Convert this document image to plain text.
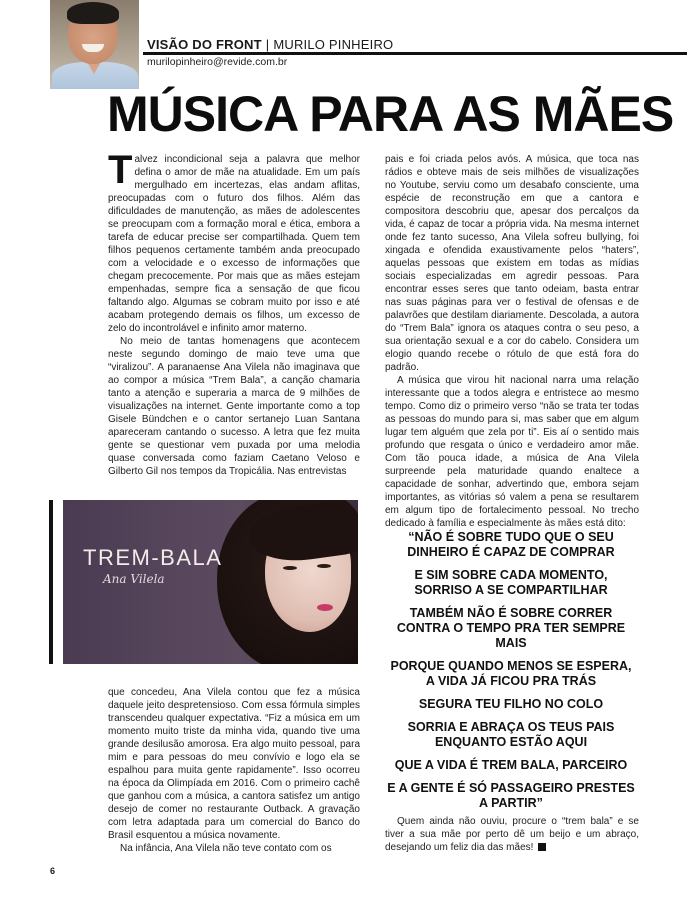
VISÃO DO FRONT | MURILO PINHEIRO
murilopinheiro@revide.com.br
MÚSICA PARA AS MÃES

Talvez incondicional seja a palavra que melhor defina o amor de mãe na atualidade. Em um país mergulhado em incertezas, elas andam aflitas, preocupadas com o futuro dos filhos. Além das dificuldades de manutenção, as mães de adolescentes se preocupam com a formação moral e ética, embora a tarefa de educar precise ser compartilhada. Quem tem filhos pequenos certamente também anda preocupado com a velocidade e o excesso de informações que chegam precocemente. Por mais que as mães estejam empenhadas, sempre fica a sensação de que ficou faltando algo. Algumas se cobram muito por isso e até acabam protegendo demais os filhos, um excesso de zelo do incontrolável e infinito amor materno.

No meio de tantas homenagens que acontecem neste segundo domingo de maio teve uma que “viralizou”. A paranaense Ana Vilela não imaginava que ao compor a música “Trem Bala”, a canção chamaria tanto a atenção e superaria a marca de 9 milhões de visualizações na internet. Gente importante como a top Gisele Bündchen e o cantor sertanejo Luan Santana apareceram cantando o sucesso. A letra que fez muita gente se questionar vem puxada por uma melodia quase conversada como faziam Caetano Veloso e Gilberto Gil nos tempos da Tropicália. Nas entrevistas

TREM-BALA
Ana Vilela

que concedeu, Ana Vilela contou que fez a música daquele jeito despretensioso. Com essa fórmula simples transcendeu qualquer expectativa. “Fiz a música em um momento muito triste da minha vida, quando tive uma grande desilusão amorosa. Era algo muito pessoal, para mim e para pessoas do meu convívio e logo ela se espalhou para muita gente rapidamente”. Isso ocorreu na época da Olimpíada em 2016. Com o primeiro cachê que ganhou com a música, a cantora satisfez um antigo desejo de comer no restaurante Outback. A gravação com letra adaptada para um comercial do Banco do Brasil esquentou a música novamente.

Na infância, Ana Vilela não teve contato com os

pais e foi criada pelos avós. A música, que toca nas rádios e obteve mais de seis milhões de visualizações no Youtube, serviu como um desabafo consciente, uma espécie de reconstrução em que a cantora e compositora descobriu que, apesar dos percalços da vida, é capaz de tocar a própria vida. Na mesma internet onde fez tanto sucesso, Ana Vilela sofreu bullying, foi xingada e ofendida exaustivamente pelos “haters”, aquelas pessoas que existem em todas as mídias sociais especializadas em agredir pessoas. Para encontrar esses seres que tanto odeiam, basta entrar nas suas páginas para ver o festival de ofensas e de palavrões que destilam diariamente. Descolada, a autora do “Trem Bala” ignora os ataques contra o seu peso, a sua orientação sexual e a cor do cabelo. Considera um elogio quando recebe o rótulo de que está fora do padrão.

A música que virou hit nacional narra uma relação interessante que a todos alegra e entristece ao mesmo tempo. Como diz o primeiro verso “não se trata ter todas as pessoas do mundo para si, mas saber que em algum lugar tem alguém que zela por ti”. Eis aí o sentido mais profundo que resgata o único e verdadeiro amor mãe. Com tão pouca idade, a música de Ana Vilela surpreende pela maturidade quando enaltece a capacidade de sonhar, advertindo que, embora sejam importantes, as vitórias só valem a pena se resultarem em algum tipo de fortalecimento pessoal. No trecho dedicado à família e especialmente às mães está dito:

“NÃO É SOBRE TUDO QUE O SEU DINHEIRO É CAPAZ DE COMPRAR
E SIM SOBRE CADA MOMENTO, SORRISO A SE COMPARTILHAR
TAMBÉM NÃO É SOBRE CORRER CONTRA O TEMPO PRA TER SEMPRE MAIS
PORQUE QUANDO MENOS SE ESPERA, A VIDA JÁ FICOU PRA TRÁS
SEGURA TEU FILHO NO COLO
SORRIA E ABRAÇA OS TEUS PAIS ENQUANTO ESTÃO AQUI
QUE A VIDA É TREM BALA, PARCEIRO
E A GENTE É SÓ PASSAGEIRO PRESTES A PARTIR”

Quem ainda não ouviu, procure o “trem bala” e se tiver a sua mãe por perto dê um beijo e um abraço, desejando um feliz dia das mães! r

6
